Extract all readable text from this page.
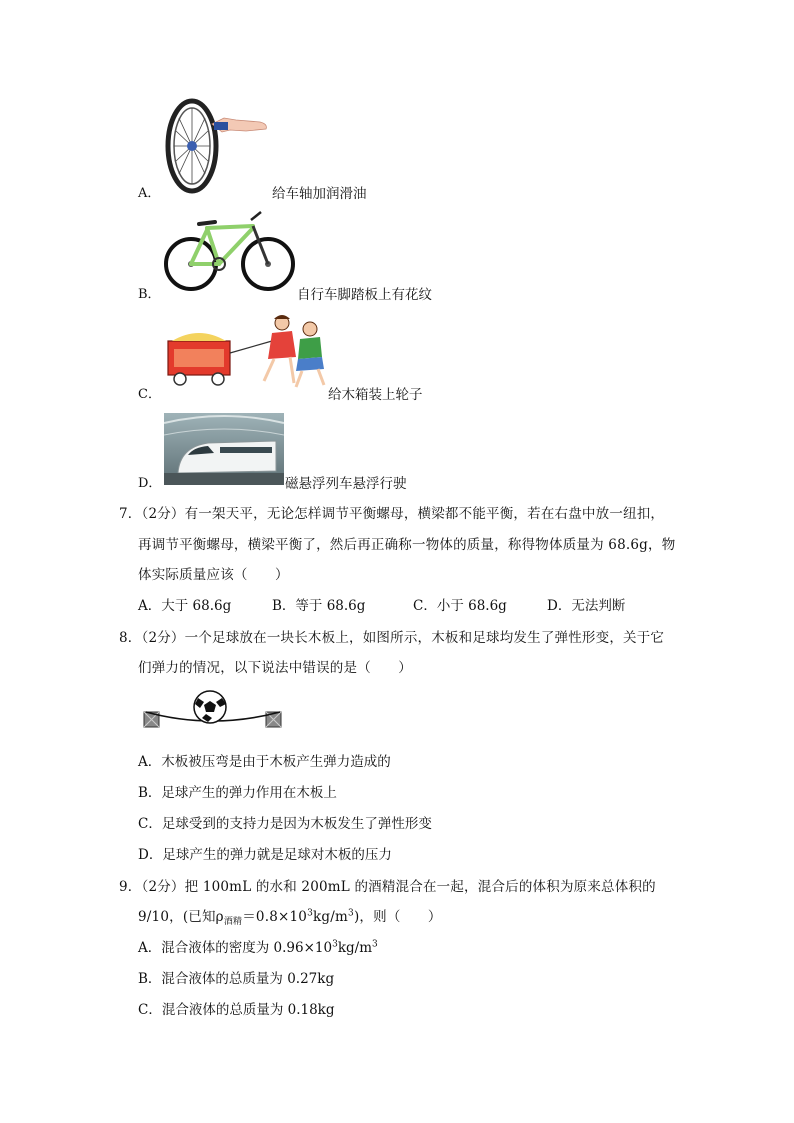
A．	给车轴加润滑油
B．	自行车脚踏板上有花纹
C．	给木箱装上轮子
D．	磁悬浮列车悬浮行驶
7．（2分）有一架天平，无论怎样调节平衡螺母，横梁都不能平衡，若在右盘中放一纽扣，
再调节平衡螺母，横梁平衡了，然后再正确称一物体的质量，称得物体质量为 68.6g，物
体实际质量应该（　　）
A．大于 68.6g	B．等于 68.6g	C．小于 68.6g	D．无法判断
8．（2分）一个足球放在一块长木板上，如图所示，木板和足球均发生了弹性形变，关于它
们弹力的情况，以下说法中错误的是（　　）
A．木板被压弯是由于木板产生弹力造成的
B．足球产生的弹力作用在木板上
C．足球受到的支持力是因为木板发生了弹性形变
D．足球产生的弹力就是足球对木板的压力
9．（2分）把 100mL 的水和 200mL 的酒精混合在一起，混合后的体积为原来总体积的
9/10，(已知$\rho_{酒精}=0.8\times 10^3kg/m^3$)，则（　　）
A．混合液体的密度为 $0.96\times 10^3kg/m^3$
B．混合液体的总质量为 0.27kg
C．混合液体的总质量为 0.18kg
